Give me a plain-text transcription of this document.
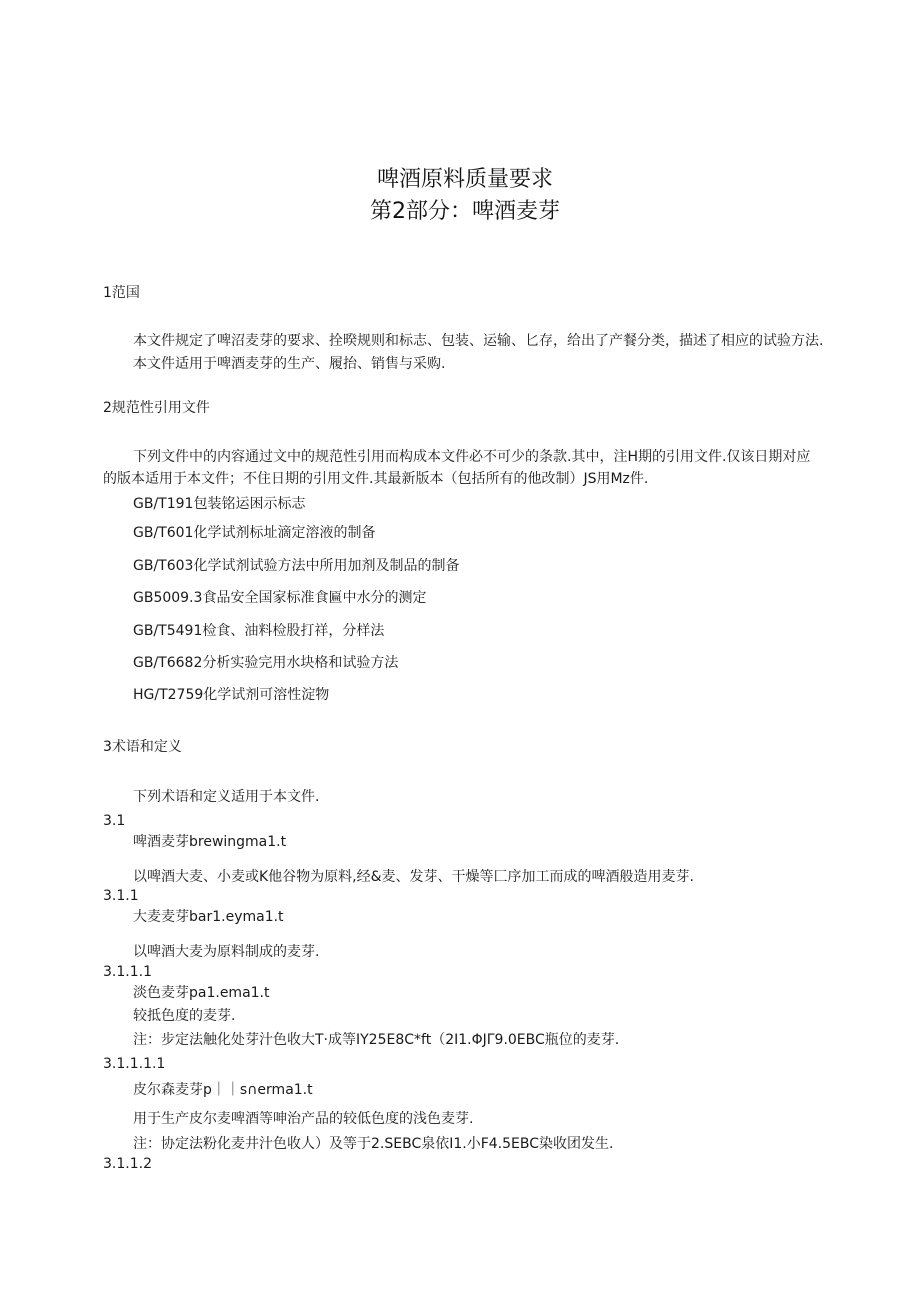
啤酒原料质量要求
第2部分：啤酒麦芽
1范国
本文件规定了啤沼麦芽的要求、拴暌规则和标志、包装、运输、匕存，给出了产餐分类，描述了相应的试验方法.
本文件适用于啤酒麦芽的生产、履抬、销售与采购.
2规范性引用文件

下列文件中的内容通过文中的规范性引用而构成本文件必不可少的条款.其中，注H期的引用文件.仅该日期对应的版本适用于本文件；不住日期的引用文件.其最新版本（包括所有的他改制）JS用Mz件.

GB/T191包装铭运困示标志
GB/T601化学试剂标址滴定溶液的制备
GB/T603化学试剂试验方法中所用加剂及制品的制备
GB5009.3食品安全国家标准食匾中水分的测定
GB/T5491检食、油料检股打祥，分样法
GB/T6682分析实验完用水块格和试验方法
HG/T2759化学试剂可溶性淀物
3术语和定义
下列术语和定义适用于本文件.
3.1
啤酒麦芽brewingma1.t
以啤酒大麦、小麦或K他谷物为原料,经&麦、发芽、干燥等匚序加工而成的啤酒般造用麦芽.
3.1.1
大麦麦芽bar1.eyma1.t
以啤酒大麦为原料制成的麦芽.
3.1.1.1
淡色麦芽pa1.ema1.t
较抵色度的麦芽.
注：步定法触化处芽汁色收大T·成等IY25E8C*ft（2I1.ΦJΓ9.0EBC瓶位的麦芽.
3.1.1.1.1
皮尔森麦芽p｜｜s∩erma1.t
用于生产皮尔麦啤酒等呻治产品的较低色度的浅色麦芽.
注：协定法粉化麦井汁色收人）及等于2.SEBC泉依I1.小F4.5EBC染收团发生.
3.1.1.2
